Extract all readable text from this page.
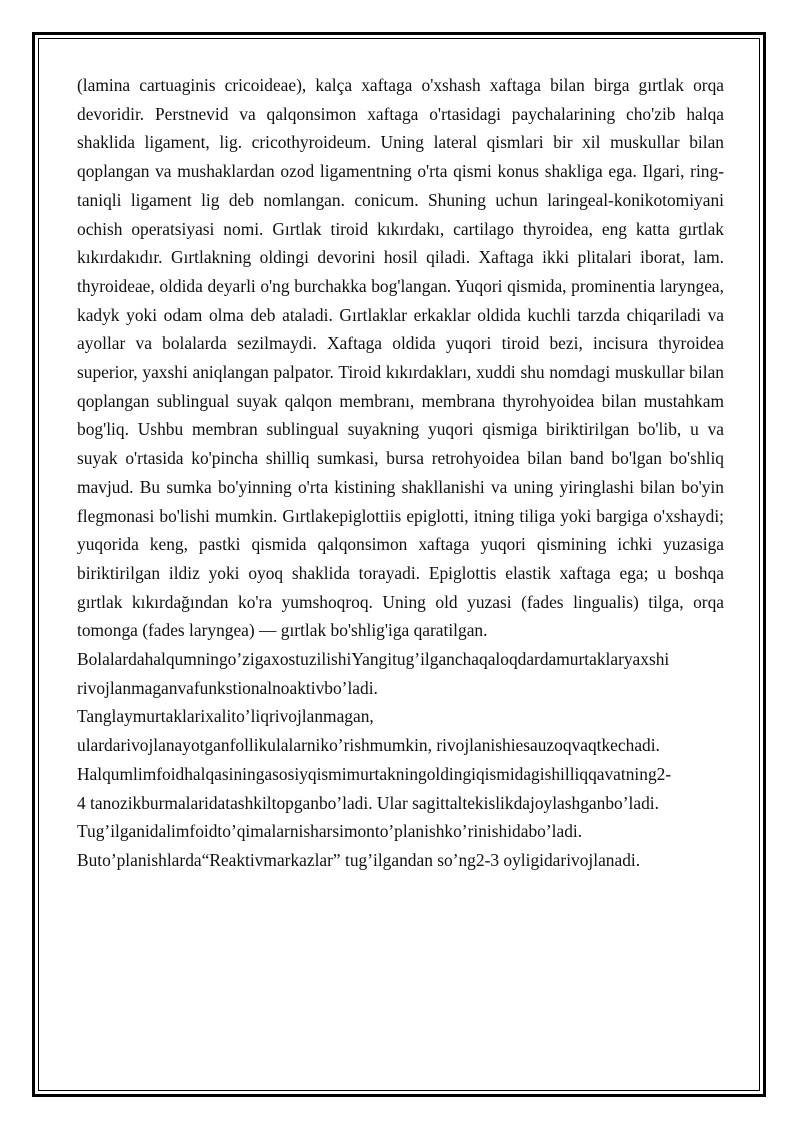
(lamina cartuaginis cricoideae), kalça xaftaga o'xshash xaftaga bilan birga gırtlak orqa devoridir. Perstnevid va qalqonsimon xaftaga o'rtasidagi paychalarining cho'zib halqa shaklida ligament, lig. cricothyroideum. Uning lateral qismlari bir xil muskullar bilan qoplangan va mushaklardan ozod ligamentning o'rta qismi konus shakliga ega. Ilgari, ring-taniqli ligament lig deb nomlangan. conicum. Shuning uchun laringeal-konikotomiyani ochish operatsiyasi nomi. Gırtlak tiroid kıkırdakı, cartilago thyroidea, eng katta gırtlak kıkırdakıdır. Gırtlakning oldingi devorini hosil qiladi. Xaftaga ikki plitalari iborat, lam. thyroideae, oldida deyarli o'ng burchakka bog'langan. Yuqori qismida, prominentia laryngea, kadyk yoki odam olma deb ataladi. Gırtlaklar erkaklar oldida kuchli tarzda chiqariladi va ayollar va bolalarda sezilmaydi. Xaftaga oldida yuqori tiroid bezi, incisura thyroidea superior, yaxshi aniqlangan palpator. Tiroid kıkırdakları, xuddi shu nomdagi muskullar bilan qoplangan sublingual suyak qalqon membranı, membrana thyrohyoidea bilan mustahkam bog'liq. Ushbu membran sublingual suyakning yuqori qismiga biriktirilgan bo'lib, u va suyak o'rtasida ko'pincha shilliq sumkasi, bursa retrohyoidea bilan band bo'lgan bo'shliq mavjud. Bu sumka bo'yinning o'rta kistining shakllanishi va uning yiringlashi bilan bo'yin flegmonasi bo'lishi mumkin. Gırtlakepiglottiis epiglotti, itning tiliga yoki bargiga o'xshaydi; yuqorida keng, pastki qismida qalqonsimon xaftaga yuqori qismining ichki yuzasiga biriktirilgan ildiz yoki oyoq shaklida torayadi. Epiglottis elastik xaftaga ega; u boshqa gırtlak kıkırdağından ko'ra yumshoqroq. Uning old yuzasi (fades lingualis) tilga, orqa tomonga (fades laryngea) — gırtlak bo'shlig'iga qaratilgan.

BolalardahalqumningoʼzigaxostuzilishiYangitugʼilganchaqaloqdardamurtaklaryaxshi

rivojlanmaganvafunkstionalnoaktivboʼladi.

Tanglaymurtaklarixalitoʼliqrivojlanmagan,

ulardarivojlanayotganfollikulalarnikoʼrishmumkin, rivojlanishiesauzoqvaqtkechadi.

Halqumlimfoidhalqasiningasosiyqismimurtakningoldingiqismidagishilliqqavatning2-

4 tanozikburmalaridatashkiltopganboʼladi. Ular sagittaltekislikdajoylashganboʼladi.

Tugʼilganidalimfoidtoʼqimalarnisharsimontoʼplanishkoʼrinishidaboʼladi.

Butoʼplanishlarda“Reaktivmarkazlar” tugʼilgandan soʼng2-3 oyligidarivojlanadi.
